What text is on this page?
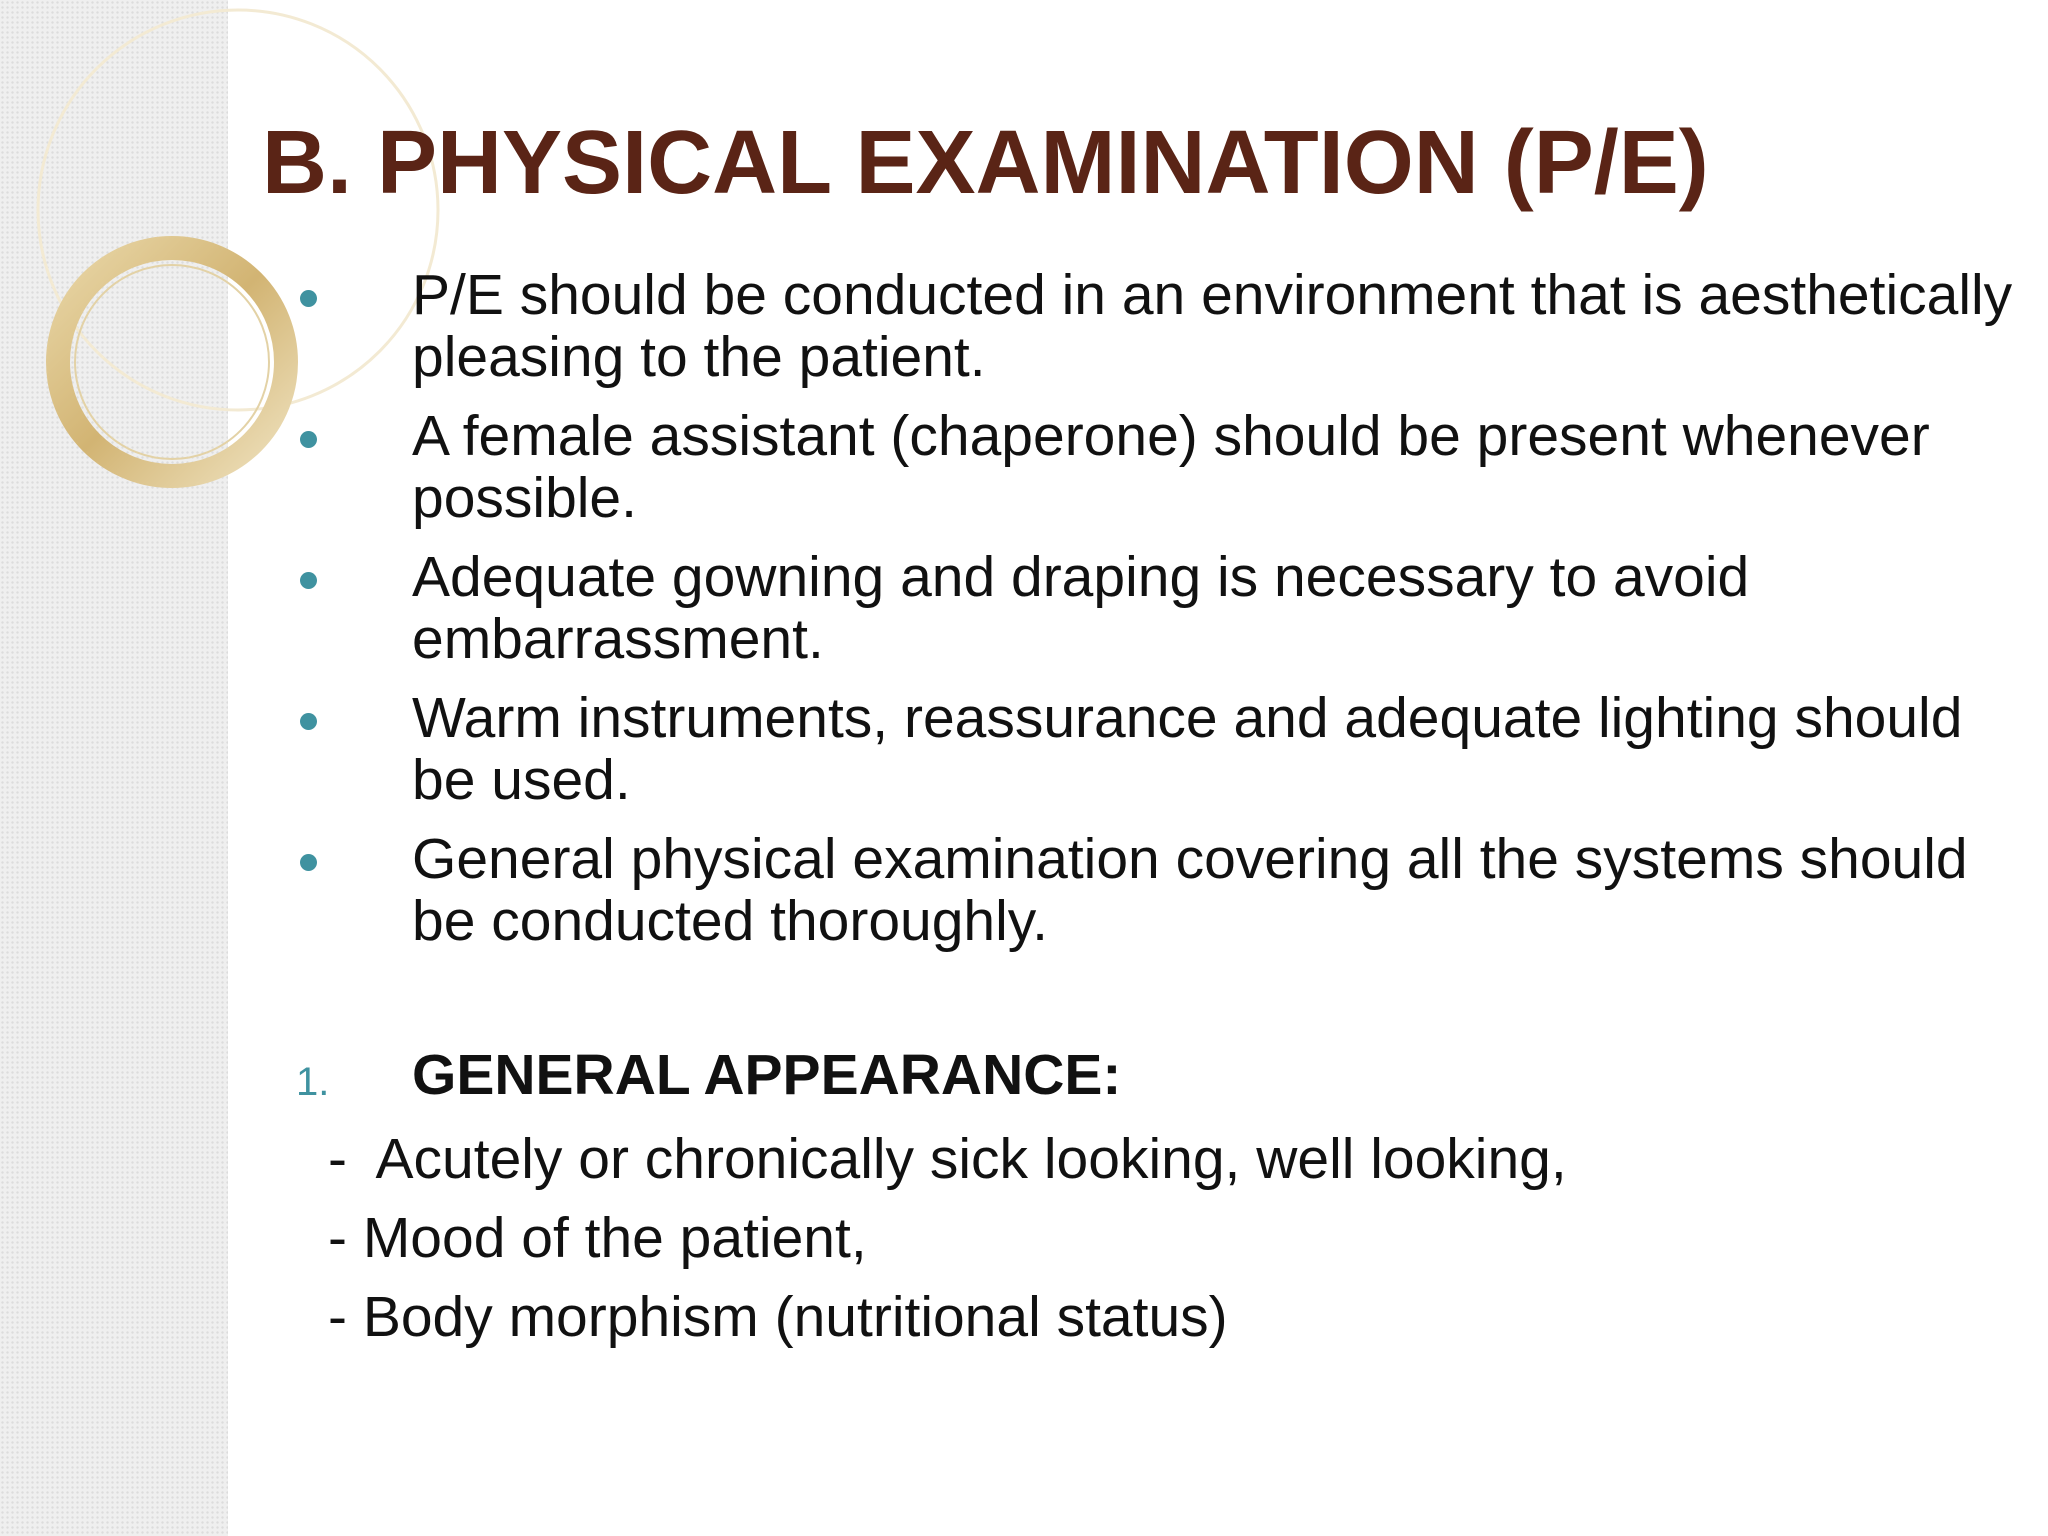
B. PHYSICAL EXAMINATION (P/E)
P/E should be conducted in an environment that is aesthetically pleasing to the patient.
A female assistant (chaperone) should be present whenever possible.
Adequate gowning and draping is necessary to avoid embarrassment.
Warm instruments, reassurance and adequate lighting should be used.
General physical examination covering all the systems should be conducted thoroughly.
1. GENERAL APPEARANCE:
-  Acutely or chronically sick looking, well looking,
- Mood of the patient,
- Body morphism (nutritional status)
